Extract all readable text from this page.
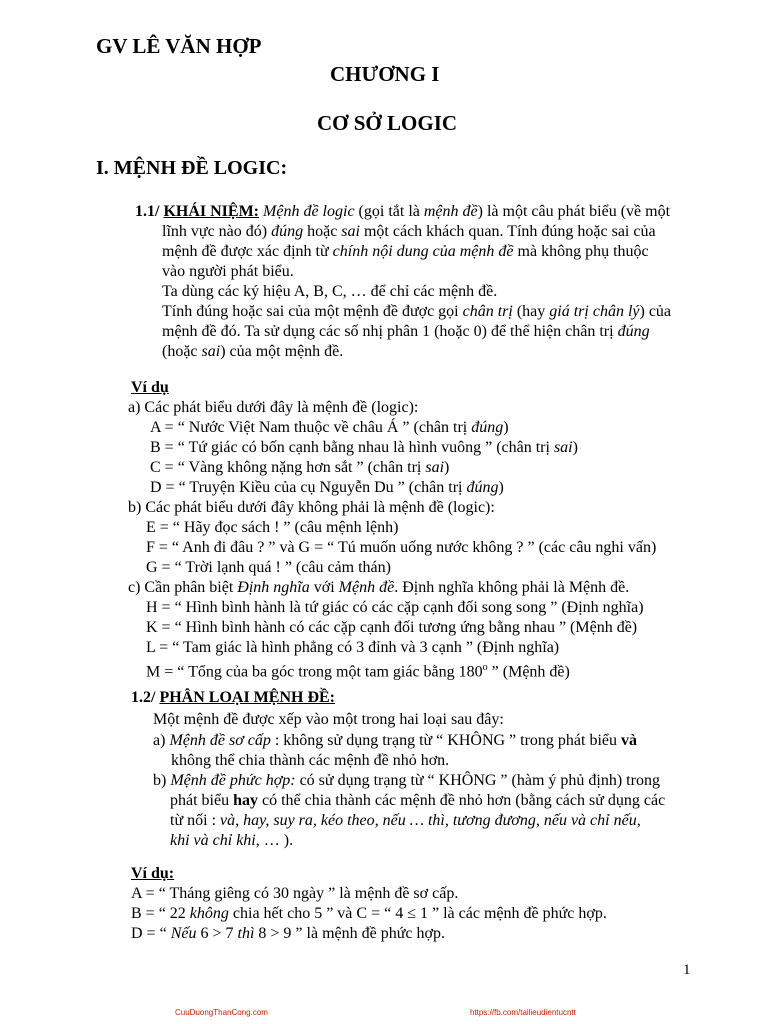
GV LÊ VĂN HỢP
CHƯƠNG I
CƠ SỞ LOGIC
I. MỆNH ĐỀ LOGIC:
1.1/ KHÁI NIỆM: Mệnh đề logic (gọi tắt là mệnh đề) là một câu phát biểu (về một
lĩnh vực nào đó) đúng hoặc sai một cách khách quan. Tính đúng hoặc sai của
mệnh đề được xác định từ chính nội dung của mệnh đề mà không phụ thuộc
vào người phát biểu.
Ta dùng các ký hiệu A, B, C, … để chỉ các mệnh đề.
Tính đúng hoặc sai của một mệnh đề được gọi chân trị (hay giá trị chân lý) của
mệnh đề đó. Ta sử dụng các số nhị phân 1 (hoặc 0) để thể hiện chân trị đúng
(hoặc sai) của một mệnh đề.
Ví dụ
a) Các phát biểu dưới đây là mệnh đề (logic):
A = “ Nước Việt Nam thuộc về châu Á ” (chân trị đúng)
B = “ Tứ giác có bốn cạnh bằng nhau là hình vuông ” (chân trị sai)
C = “ Vàng không nặng hơn sắt ” (chân trị sai)
D = “ Truyện Kiều của cụ Nguyễn Du ” (chân trị đúng)
b) Các phát biểu dưới đây không phải là mệnh đề (logic):
E = “ Hãy đọc sách ! ” (câu mệnh lệnh)
F = “ Anh đi đâu ? ” và G = “ Tú muốn uống nước không ? ” (các câu nghi vấn)
G = “ Trời lạnh quá ! ” (câu cảm thán)
c) Cần phân biệt Định nghĩa với Mệnh đề. Định nghĩa không phải là Mệnh đề.
H = “ Hình bình hành là tứ giác có các cặp cạnh đối song song ” (Định nghĩa)
K = “ Hình bình hành có các cặp cạnh đối tương ứng bằng nhau ” (Mệnh đề)
L = “ Tam giác là hình phẳng có 3 đỉnh và 3 cạnh ” (Định nghĩa)
M = “ Tổng của ba góc trong một tam giác bằng 180$^o$ ” (Mệnh đề)
1.2/ PHÂN LOẠI MỆNH ĐỀ:
Một mệnh đề được xếp vào một trong hai loại sau đây:
a) Mệnh đề sơ cấp : không sử dụng trạng từ “ KHÔNG ” trong phát biểu và
không thể chia thành các mệnh đề nhỏ hơn.
b) Mệnh đề phức hợp: có sử dụng trạng từ “ KHÔNG ” (hàm ý phủ định) trong
phát biểu hay có thể chia thành các mệnh đề nhỏ hơn (bằng cách sử dụng các
từ nối : và, hay, suy ra, kéo theo, nếu … thì, tương đương, nếu và chỉ nếu,
khi và chỉ khi, … ).
Ví dụ:
A = “ Tháng giêng có 30 ngày ” là mệnh đề sơ cấp.
B = “ 22 không chia hết cho 5 ” và C = “ 4 ≤ 1 ” là các mệnh đề phức hợp.
D = “ Nếu 6 > 7 thì 8 > 9 ” là mệnh đề phức hợp.
1
CuuDuongThanCong.com	https://fb.com/tailieudientucntt
